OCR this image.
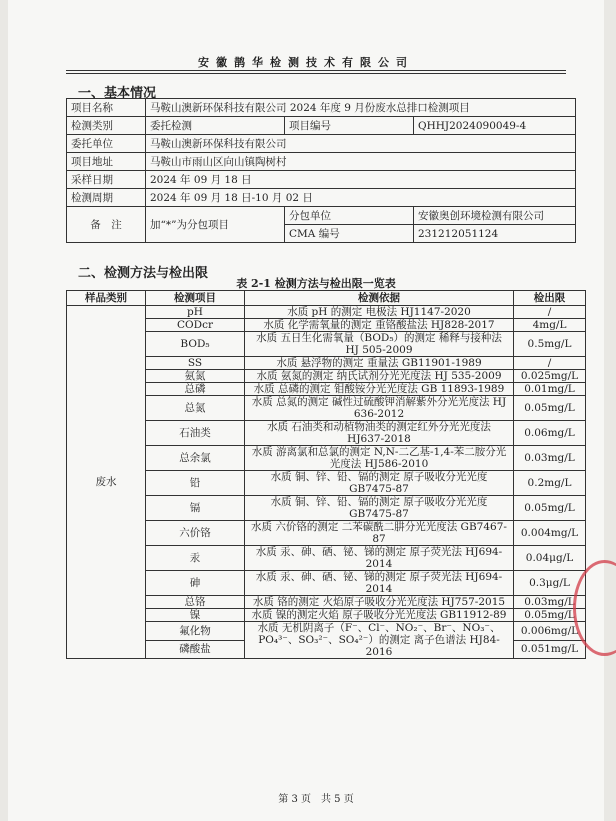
安徽鹊华检测技术有限公司
一、基本情况
项目名称	马鞍山澳新环保科技有限公司 2024 年度 9 月份废水总排口检测项目		
检测类别	委托检测	项目编号	QHHJ2024090049-4
委托单位	马鞍山澳新环保科技有限公司		
项目地址	马鞍山市雨山区向山镇陶树村		
采样日期	2024 年 09 月 18 日		
检测周期	2024 年 09 月 18 日-10 月 02 日		
备　注	加“*”为分包项目	分包单位	安徽奥创环境检测有限公司
		CMA 编号	231212051124
二、检测方法与检出限
表 2-1 检测方法与检出限一览表
样品类别	检测项目	检测依据	检出限
废水	pH	水质 pH 的测定 电极法 HJ1147-2020	/
	CODcr	水质 化学需氧量的测定 重铬酸盐法 HJ828-2017	4mg/L
	BOD₅	水质 五日生化需氧量（BOD₅）的测定 稀释与接种法 HJ 505-2009	0.5mg/L
	SS	水质 悬浮物的测定 重量法 GB11901-1989	/
	氨氮	水质 氨氮的测定 纳氏试剂分光光度法 HJ 535-2009	0.025mg/L
	总磷	水质 总磷的测定 钼酸铵分光光度法 GB 11893-1989	0.01mg/L
	总氮	水质 总氮的测定 碱性过硫酸钾消解紫外分光光度法 HJ 636-2012	0.05mg/L
	石油类	水质 石油类和动植物油类的测定红外分光光度法 HJ637-2018	0.06mg/L
	总余氯	水质 游离氯和总氯的测定 N,N-二乙基-1,4-苯二胺分光光度法 HJ586-2010	0.03mg/L
	铅	水质 铜、锌、铅、镉的测定 原子吸收分光光度 GB7475-87	0.2mg/L
	镉	水质 铜、锌、铅、镉的测定 原子吸收分光光度 GB7475-87	0.05mg/L
	六价铬	水质 六价铬的测定 二苯碳酰二肼分光光度法 GB7467-87	0.004mg/L
	汞	水质 汞、砷、硒、铋、锑的测定 原子荧光法 HJ694-2014	0.04μg/L
	砷	水质 汞、砷、硒、铋、锑的测定 原子荧光法 HJ694-2014	0.3μg/L
	总铬	水质 铬的测定 火焰原子吸收分光光度法 HJ757-2015	0.03mg/L
	镍	水质 镍的测定火焰 原子吸收分光光度法 GB11912-89	0.05mg/L
	氟化物	水质 无机阴离子（F⁻、Cl⁻、NO₂⁻、Br⁻、NO₃⁻、PO₄³⁻、SO₃²⁻、SO₄²⁻）的测定 离子色谱法 HJ84-2016	0.006mg/L
	磷酸盐		0.051mg/L
第 3 页　共 5 页
